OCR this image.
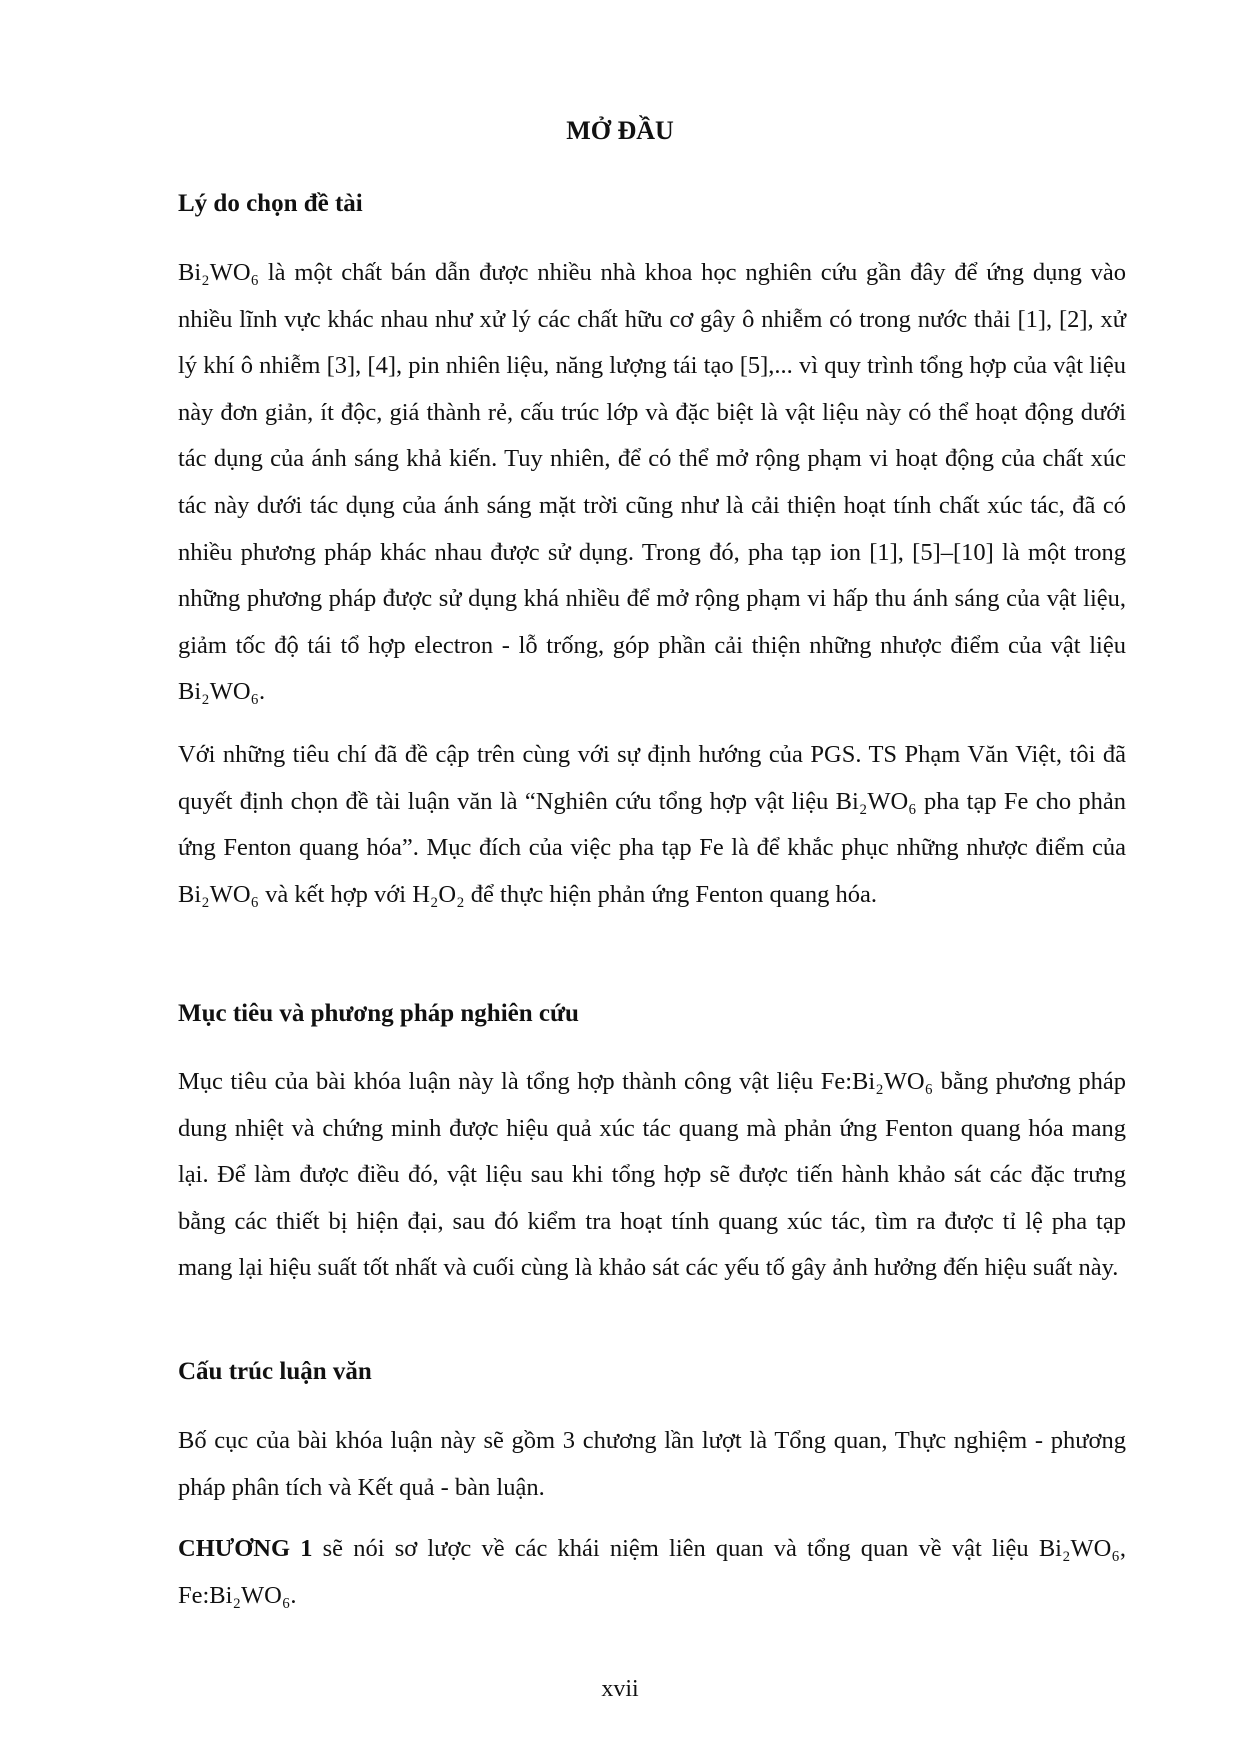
MỞ ĐẦU
Lý do chọn đề tài

Bi₂WO₆ là một chất bán dẫn được nhiều nhà khoa học nghiên cứu gần đây để ứng dụng vào nhiều lĩnh vực khác nhau như xử lý các chất hữu cơ gây ô nhiễm có trong nước thải [1], [2], xử lý khí ô nhiễm [3], [4], pin nhiên liệu, năng lượng tái tạo [5],... vì quy trình tổng hợp của vật liệu này đơn giản, ít độc, giá thành rẻ, cấu trúc lớp và đặc biệt là vật liệu này có thể hoạt động dưới tác dụng của ánh sáng khả kiến. Tuy nhiên, để có thể mở rộng phạm vi hoạt động của chất xúc tác này dưới tác dụng của ánh sáng mặt trời cũng như là cải thiện hoạt tính chất xúc tác, đã có nhiều phương pháp khác nhau được sử dụng. Trong đó, pha tạp ion [1], [5]–[10] là một trong những phương pháp được sử dụng khá nhiều để mở rộng phạm vi hấp thu ánh sáng của vật liệu, giảm tốc độ tái tổ hợp electron - lỗ trống, góp phần cải thiện những nhược điểm của vật liệu Bi₂WO₆.

Với những tiêu chí đã đề cập trên cùng với sự định hướng của PGS. TS Phạm Văn Việt, tôi đã quyết định chọn đề tài luận văn là “Nghiên cứu tổng hợp vật liệu Bi₂WO₆ pha tạp Fe cho phản ứng Fenton quang hóa”. Mục đích của việc pha tạp Fe là để khắc phục những nhược điểm của Bi₂WO₆ và kết hợp với H₂O₂ để thực hiện phản ứng Fenton quang hóa.

Mục tiêu và phương pháp nghiên cứu

Mục tiêu của bài khóa luận này là tổng hợp thành công vật liệu Fe:Bi₂WO₆ bằng phương pháp dung nhiệt và chứng minh được hiệu quả xúc tác quang mà phản ứng Fenton quang hóa mang lại. Để làm được điều đó, vật liệu sau khi tổng hợp sẽ được tiến hành khảo sát các đặc trưng bằng các thiết bị hiện đại, sau đó kiểm tra hoạt tính quang xúc tác, tìm ra được tỉ lệ pha tạp mang lại hiệu suất tốt nhất và cuối cùng là khảo sát các yếu tố gây ảnh hưởng đến hiệu suất này.

Cấu trúc luận văn

Bố cục của bài khóa luận này sẽ gồm 3 chương lần lượt là Tổng quan, Thực nghiệm - phương pháp phân tích và Kết quả - bàn luận.

CHƯƠNG 1 sẽ nói sơ lược về các khái niệm liên quan và tổng quan về vật liệu Bi₂WO₆, Fe:Bi₂WO₆.

xvii
